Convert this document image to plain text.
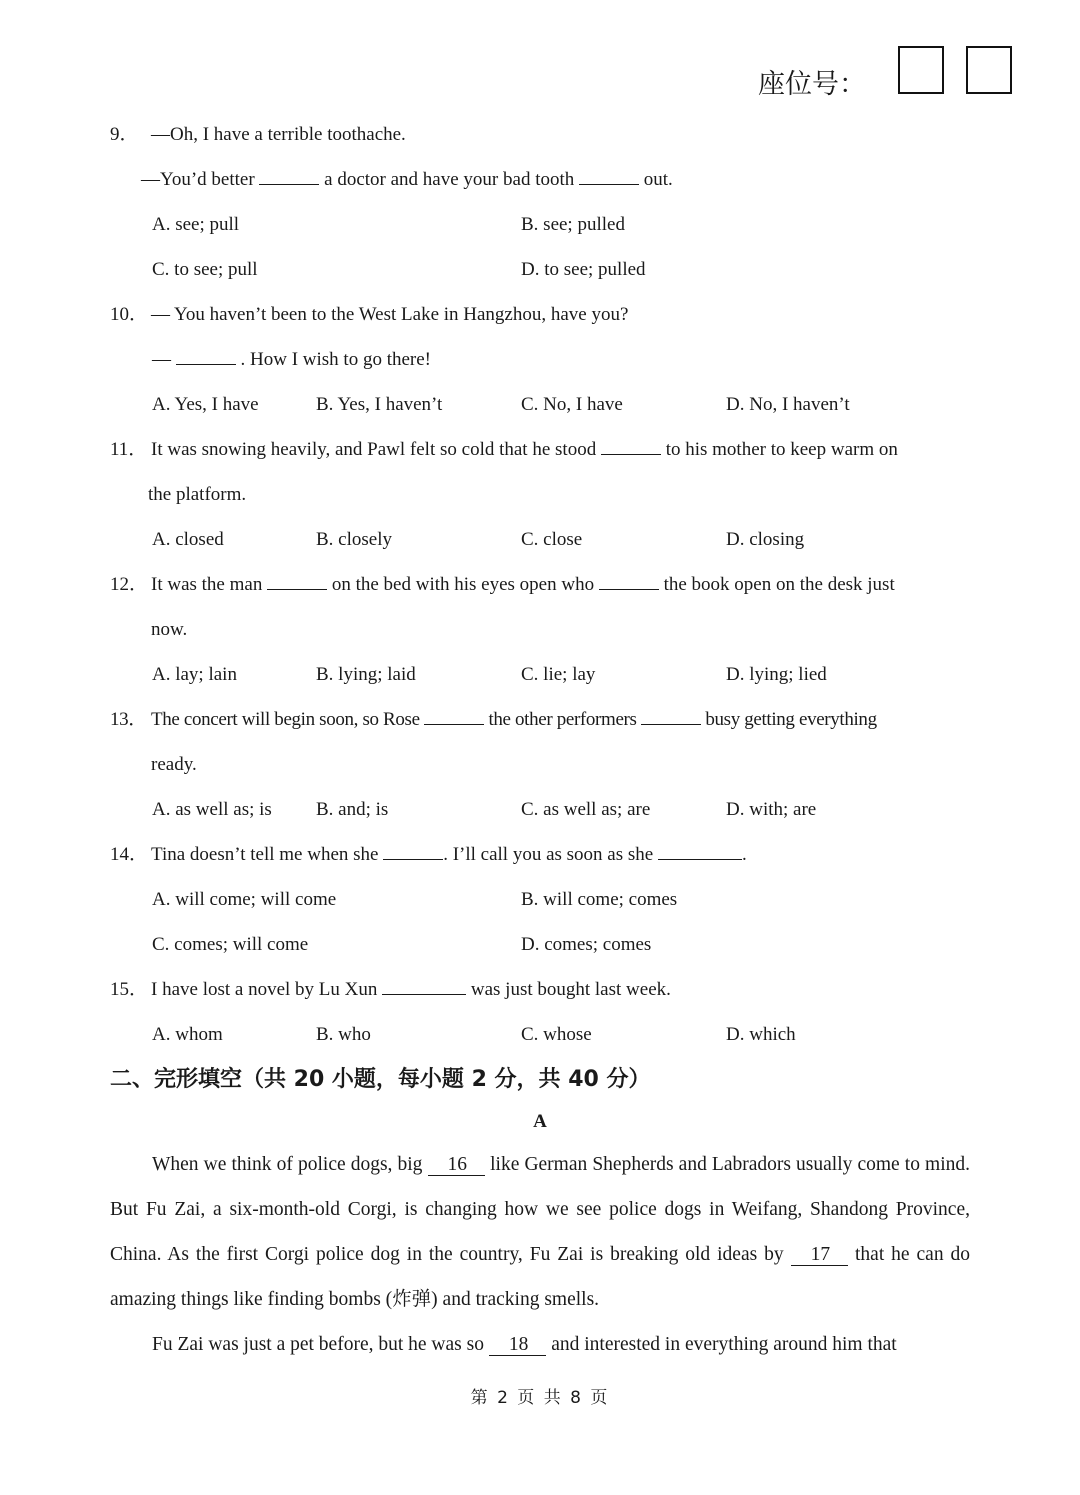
座位号：
9． —Oh, I have a terrible toothache.
—You’d better	a doctor and have your bad tooth	out.
A. see; pull	B. see; pulled
C. to see; pull	D. to see; pulled
10． — You haven’t been to the West Lake in Hangzhou, have you?
—	. How I wish to go there!
A. Yes, I have	B. Yes, I haven’t	C. No, I have	D. No, I haven’t
11． It was snowing heavily, and Pawl felt so cold that he stood	to his mother to keep warm on
the platform.
A. closed	B. closely	C. close	D. closing
12． It was the man	on the bed with his eyes open who	the book open on the desk just
now.
A. lay; lain	B. lying; laid	C. lie; lay	D. lying; lied
13． The concert will begin soon, so Rose	the other performers	busy getting everything
ready.
A. as well as; is B. and; is	C. as well as; are	D. with; are
14． Tina doesn’t tell me when she	. I’ll call you as soon as she	.
A. will come; will come	B. will come; comes
C. comes; will come	D. comes; comes
15． I have lost a novel by Lu Xun	was just bought last week.
A. whom	B. who	C. whose	D. which
二、完形填空（共 20 小题，每小题 2 分，共 40 分）
A
When we think of police dogs, big 16 like German Shepherds and Labradors usually come to mind. But Fu Zai, a six-month-old Corgi, is changing how we see police dogs in Weifang, Shandong Province, China. As the first Corgi police dog in the country, Fu Zai is breaking old ideas by 17 that he can do amazing things like finding bombs (炸弹) and tracking smells.
Fu Zai was just a pet before, but he was so 18 and interested in everything around him that
第 2 页 共 8 页
